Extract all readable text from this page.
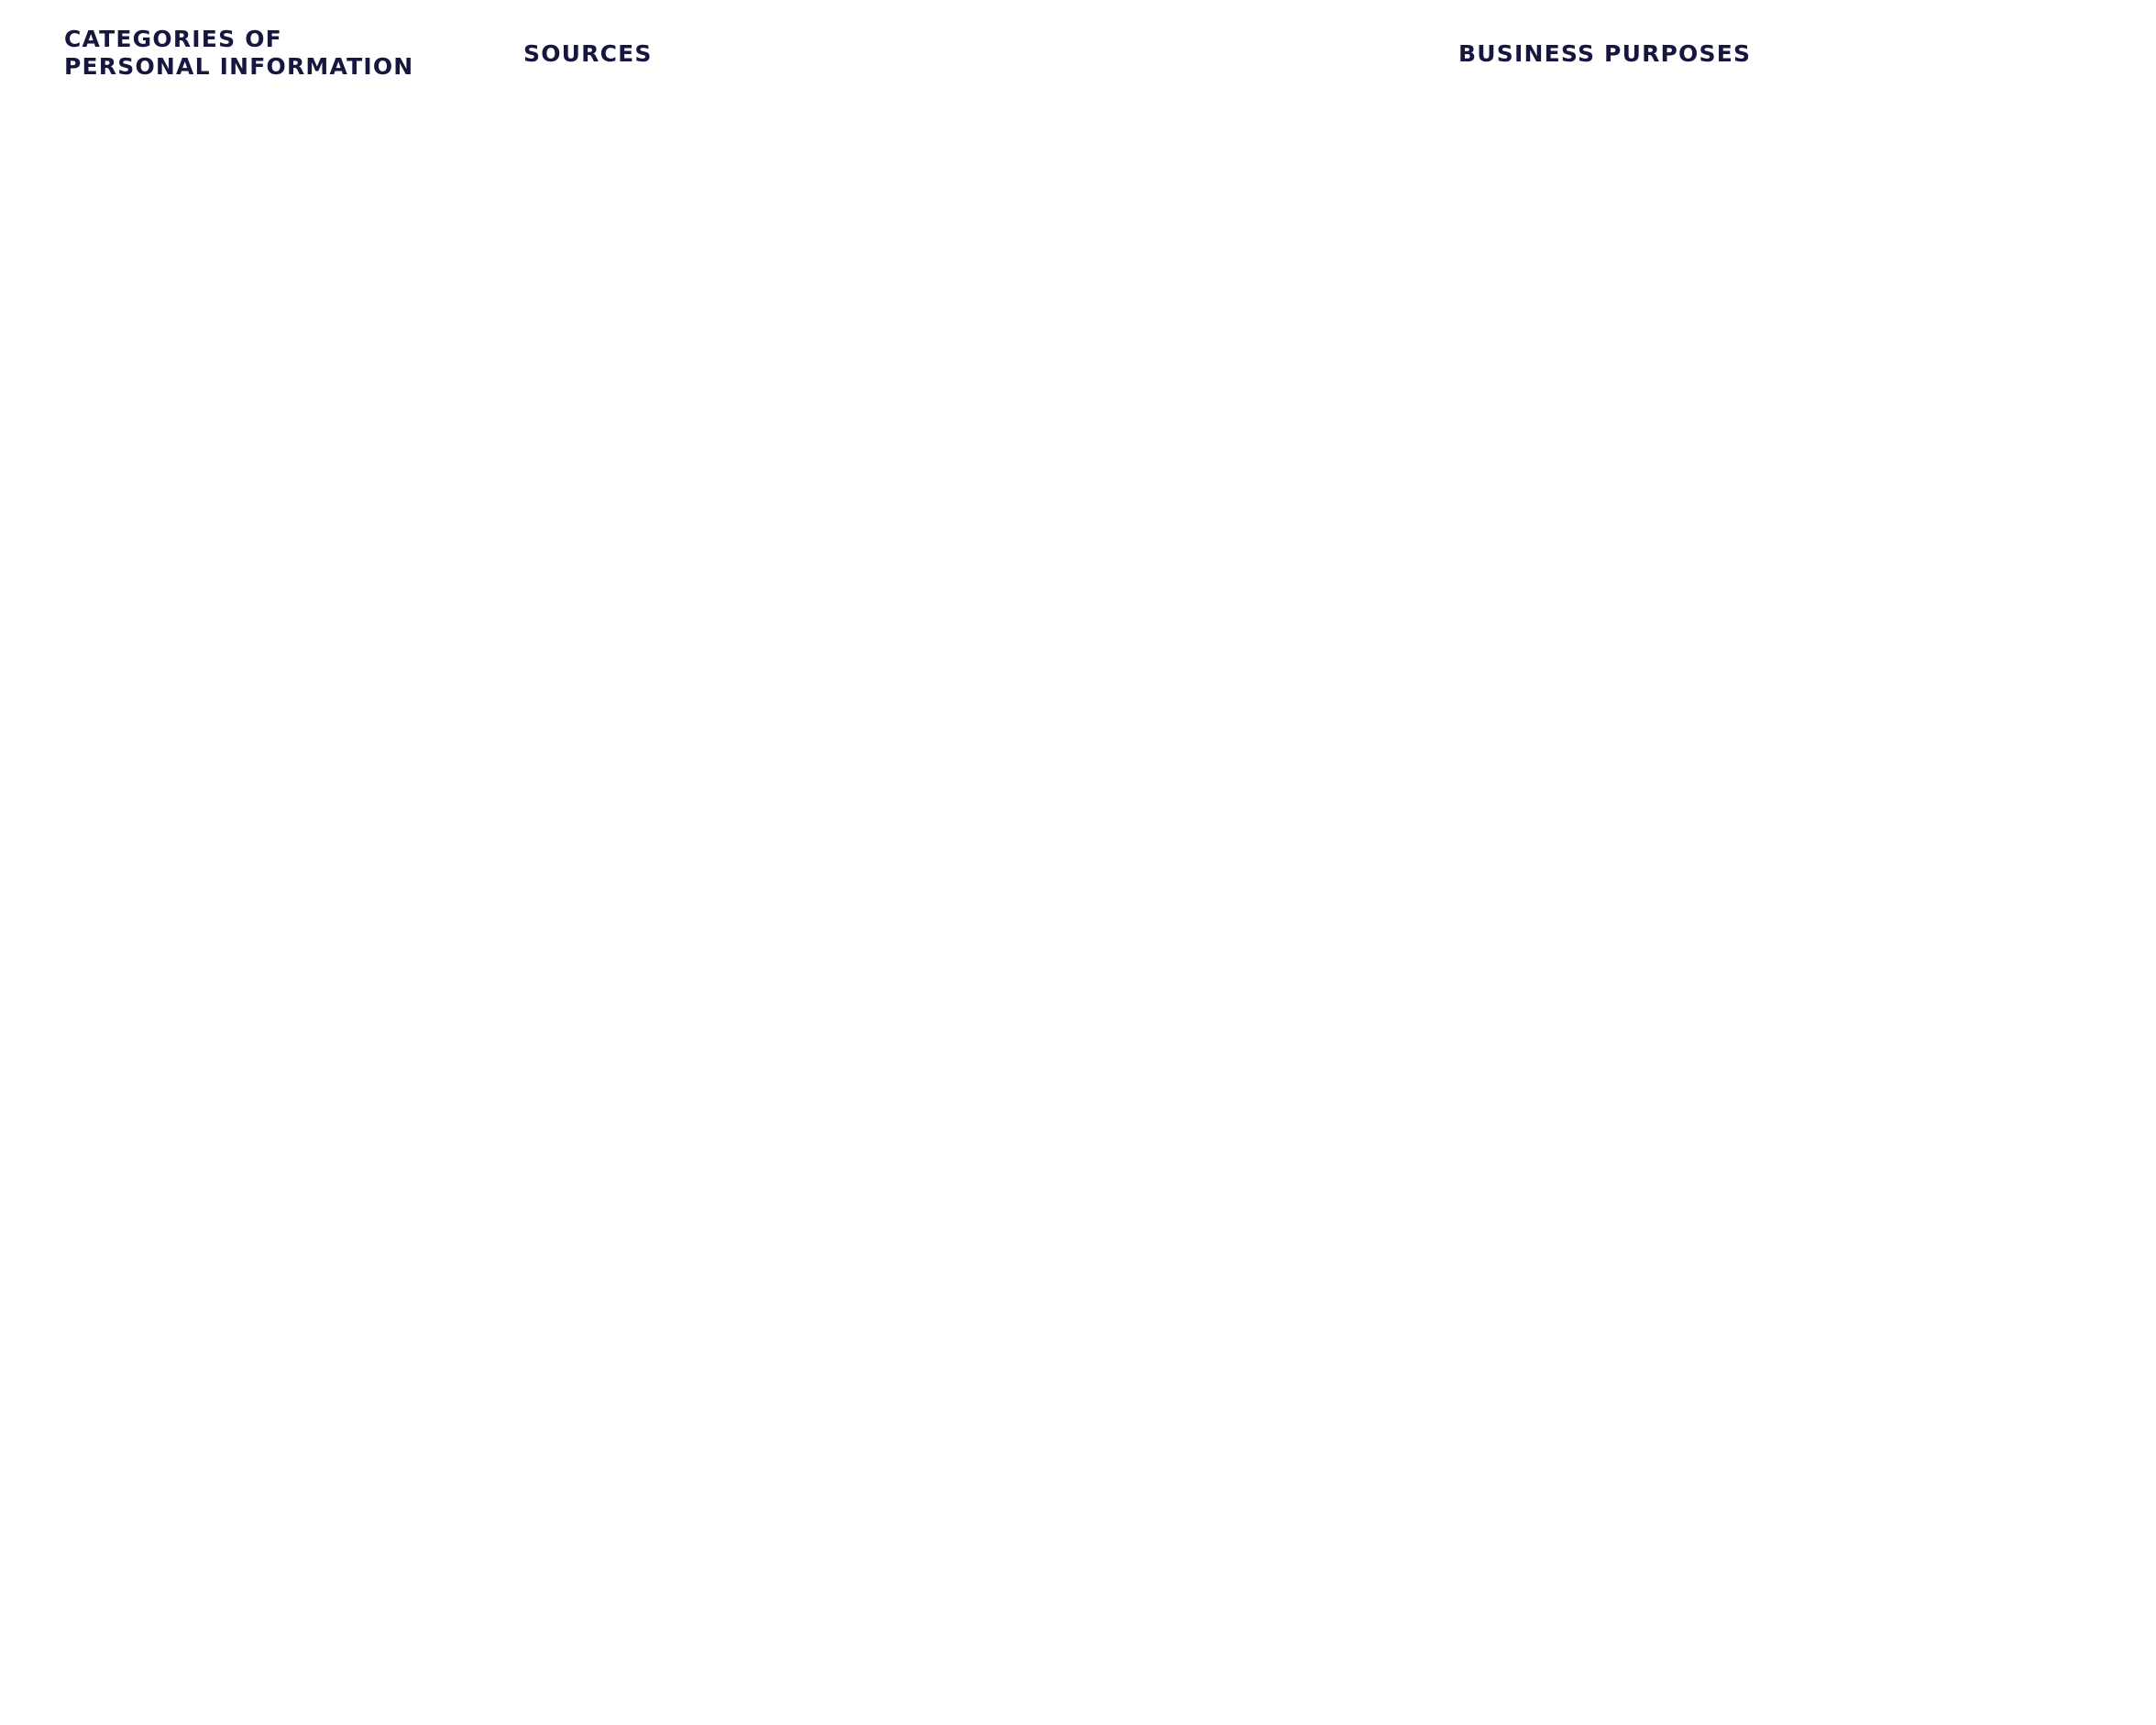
CATEGORIES OF
PERSONAL INFORMATION	SOURCES	BUSINESS PURPOSES
